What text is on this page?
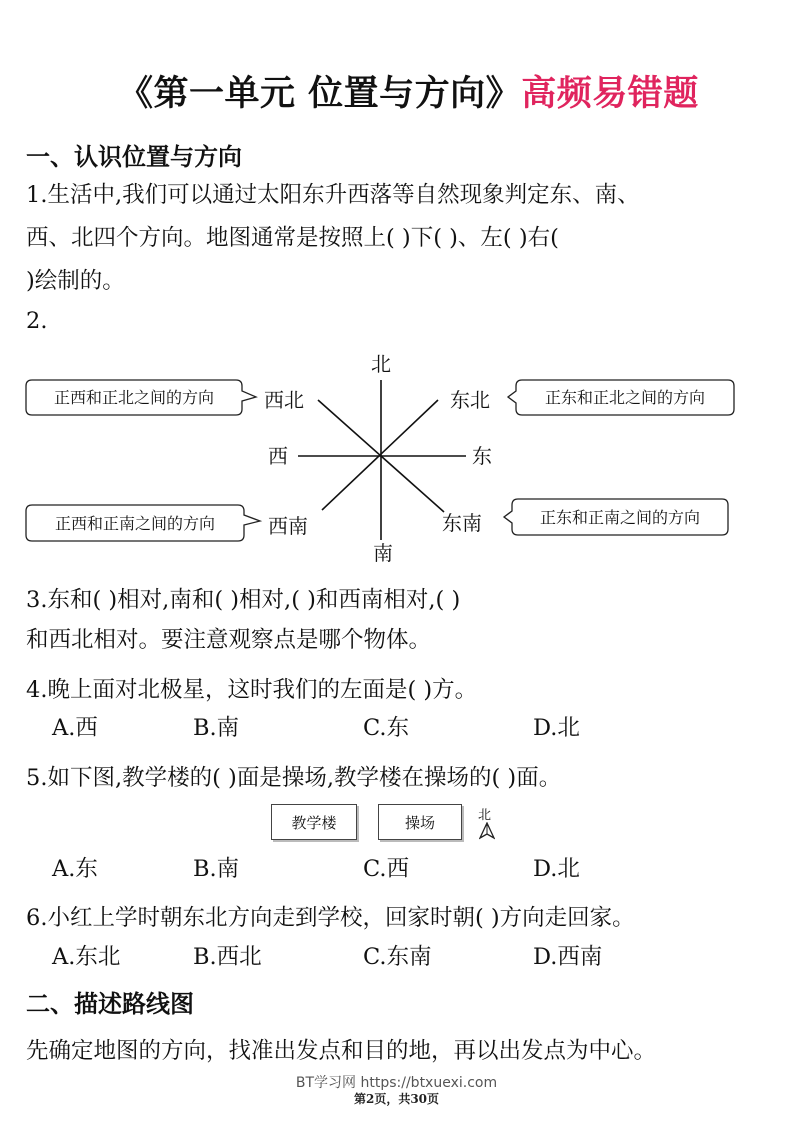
《第一单元 位置与方向》高频易错题
一、认识位置与方向
1.生活中,我们可以通过太阳东升西落等自然现象判定东、南、
西、北四个方向。地图通常是按照上( )下( )、左( )右(
)绘制的。
2.
北
南
东
西
西北	东北
西南	东南
正西和正北之间的方向	正东和正北之间的方向
正西和正南之间的方向	正东和正南之间的方向
3.东和( )相对,南和( )相对,( )和西南相对,( )
和西北相对。要注意观察点是哪个物体。
4.晚上面对北极星，这时我们的左面是( )方。
A.西	B.南	C.东	D.北
5.如下图,教学楼的( )面是操场,教学楼在操场的( )面。
教学楼	操场	北
A.东	B.南	C.西	D.北
6.小红上学时朝东北方向走到学校，回家时朝( )方向走回家。
A.东北	B.西北	C.东南	D.西南
二、描述路线图
先确定地图的方向，找准出发点和目的地，再以出发点为中心。
BT学习网 https://btxuexi.com
第2页，共30页
